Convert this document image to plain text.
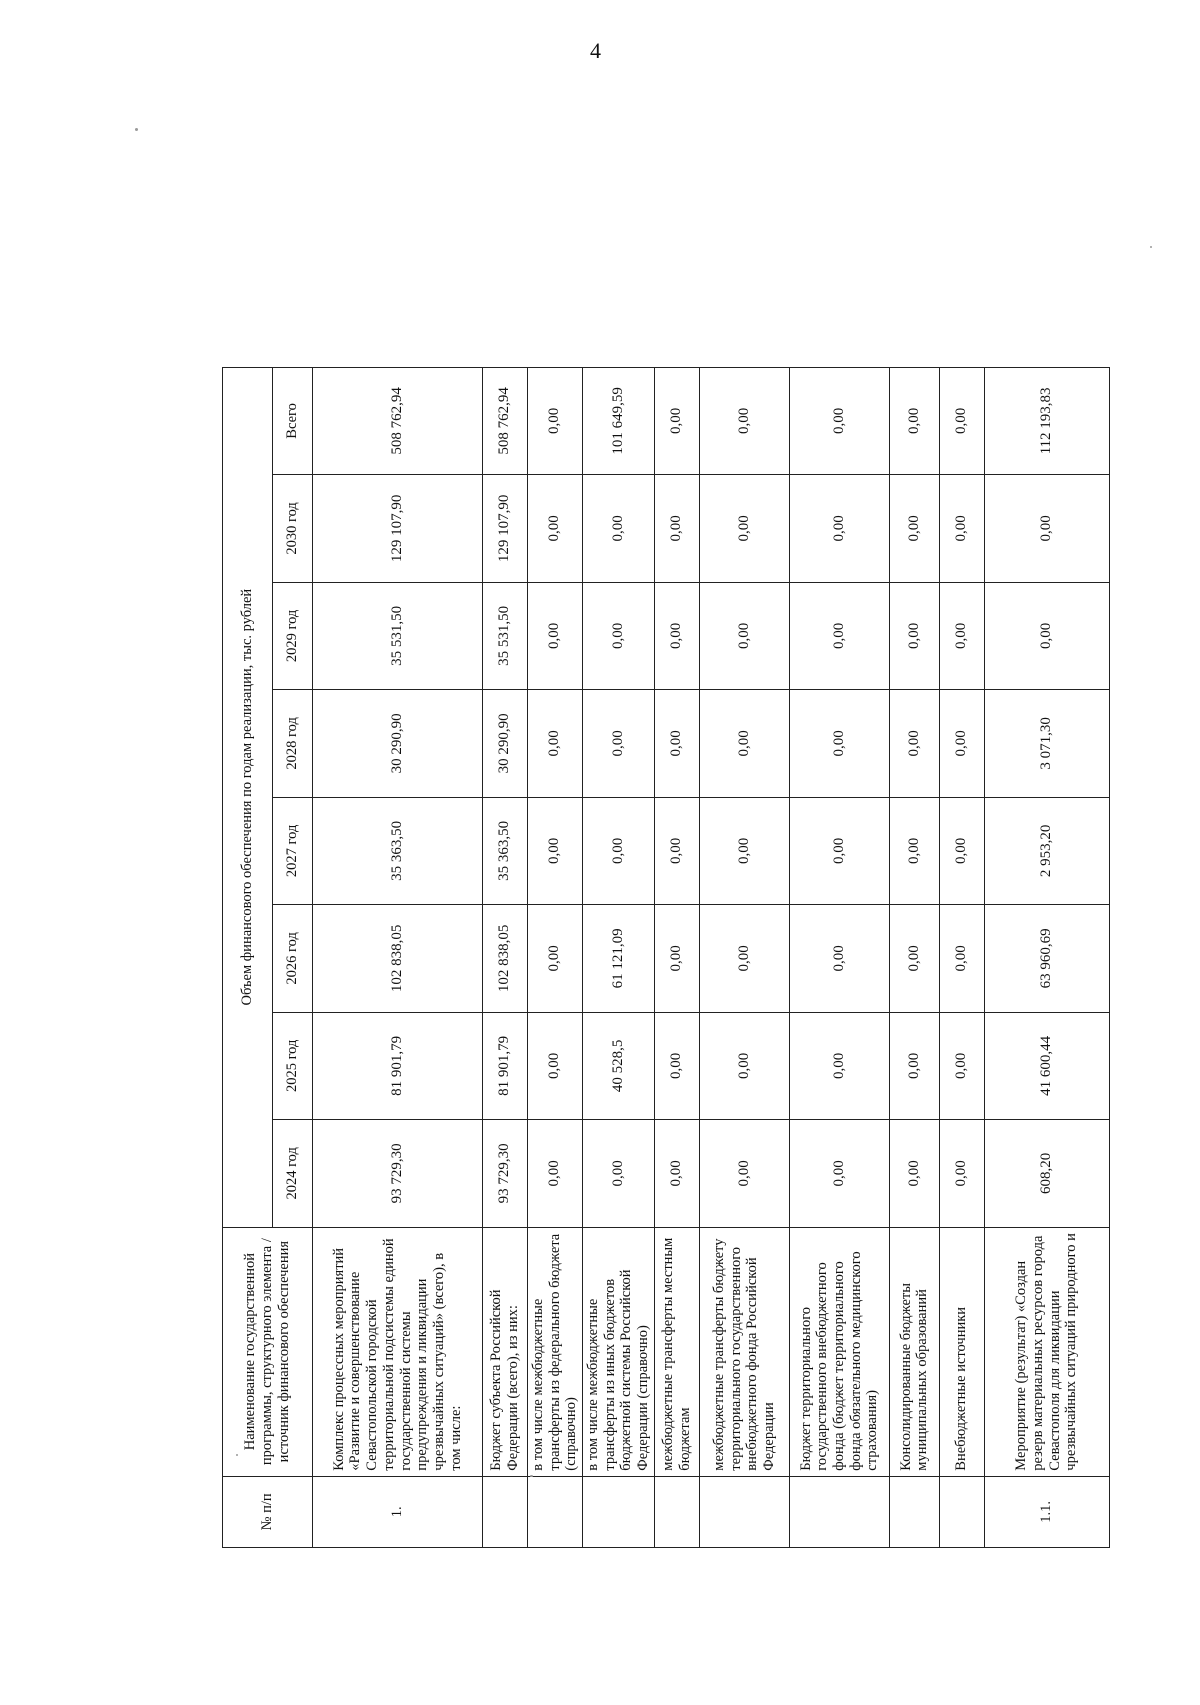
4
№ п/п	Наименование государственной программы, структурного элемента / источник финансового обеспечения	Объем финансового обеспечения по годам реализации, тыс. рублей								
		2024 год	2025 год	2026 год	2027 год	2028 год	2029 год	2030 год	Всего	
1.	Комплекс процессных мероприятий «Развитие и совершенствование Севастопольской городской территориальной подсистемы единой государственной системы предупреждения и ликвидации чрезвычайных ситуаций» (всего), в том числе:	93 729,30	81 901,79	102 838,05	35 363,50	30 290,90	35 531,50	129 107,90	508 762,94	
	Бюджет субъекта Российской Федерации (всего), из них:	93 729,30	81 901,79	102 838,05	35 363,50	30 290,90	35 531,50	129 107,90	508 762,94	
	в том числе межбюджетные трансферты из федерального бюджета (справочно)	0,00	0,00	0,00	0,00	0,00	0,00	0,00	0,00	
	в том числе межбюджетные трансферты из иных бюджетов бюджетной системы Российской Федерации (справочно)	0,00	40 528,5	61 121,09	0,00	0,00	0,00	0,00	101 649,59	
	межбюджетные трансферты местным бюджетам	0,00	0,00	0,00	0,00	0,00	0,00	0,00	0,00	
	межбюджетные трансферты бюджету территориального государственного внебюджетного фонда Российской Федерации	0,00	0,00	0,00	0,00	0,00	0,00	0,00	0,00	
	Бюджет территориального государственного внебюджетного фонда (бюджет территориального фонда обязательного медицинского страхования)	0,00	0,00	0,00	0,00	0,00	0,00	0,00	0,00	
	Консолидированные бюджеты муниципальных образований	0,00	0,00	0,00	0,00	0,00	0,00	0,00	0,00	
	Внебюджетные источники	0,00	0,00	0,00	0,00	0,00	0,00	0,00	0,00	
1.1.	Мероприятие (результат) «Создан резерв материальных ресурсов города Севастополя для ликвидации чрезвычайных ситуаций природного и	608,20	41 600,44	63 960,69	2 953,20	3 071,30	0,00	0,00	112 193,83	
